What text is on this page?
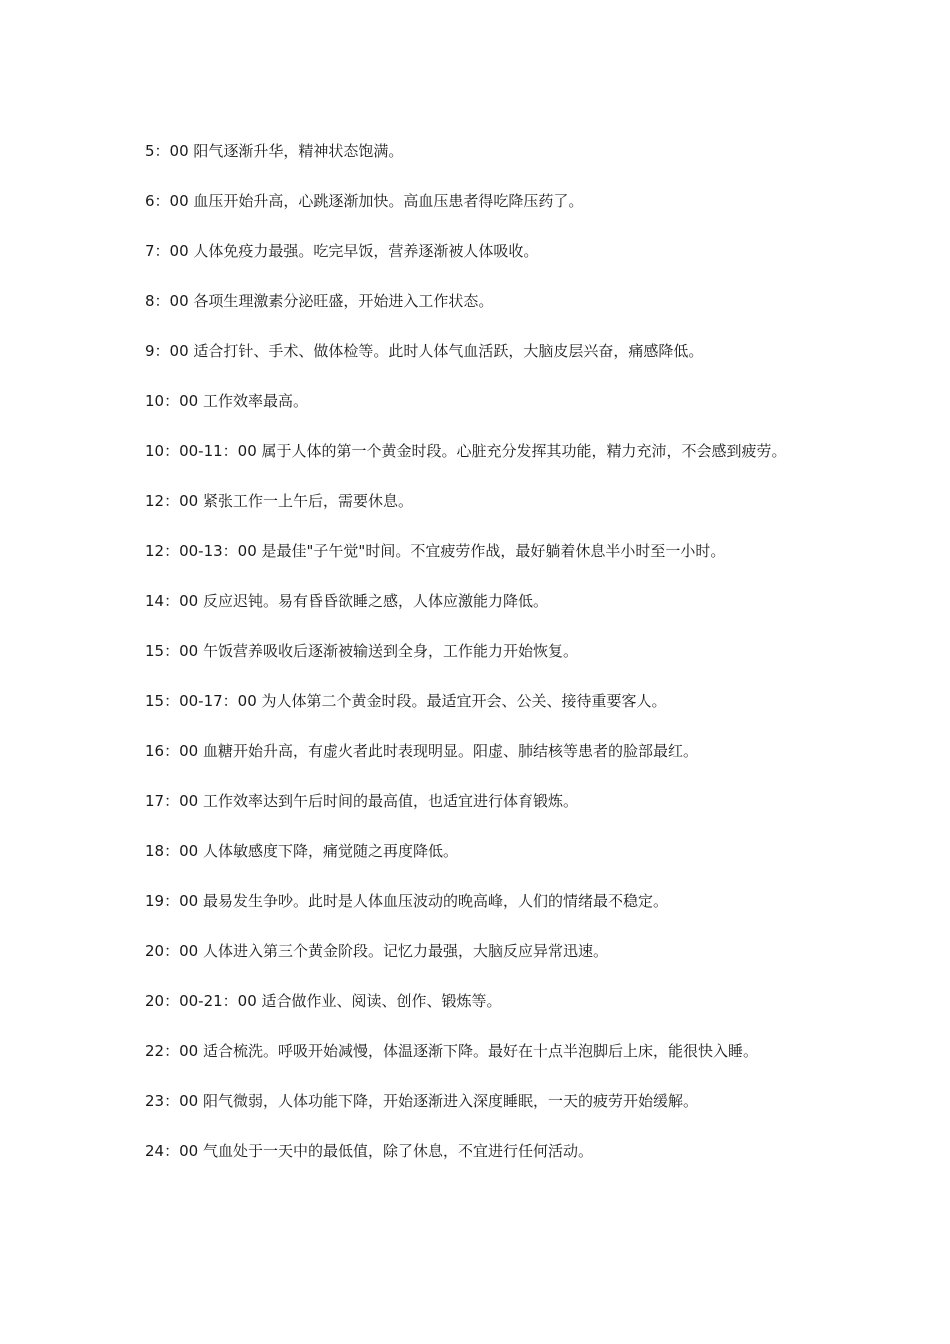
5：00 阳气逐渐升华，精神状态饱满。

6：00 血压开始升高，心跳逐渐加快。高血压患者得吃降压药了。

7：00 人体免疫力最强。吃完早饭，营养逐渐被人体吸收。

8：00 各项生理激素分泌旺盛，开始进入工作状态。

9：00 适合打针、手术、做体检等。此时人体气血活跃，大脑皮层兴奋，痛感降低。

10：00 工作效率最高。

10：00-11：00 属于人体的第一个黄金时段。心脏充分发挥其功能，精力充沛，不会感到疲劳。

12：00 紧张工作一上午后，需要休息。

12：00-13：00 是最佳"子午觉"时间。不宜疲劳作战，最好躺着休息半小时至一小时。

14：00 反应迟钝。易有昏昏欲睡之感，人体应激能力降低。

15：00 午饭营养吸收后逐渐被输送到全身，工作能力开始恢复。

15：00-17：00 为人体第二个黄金时段。最适宜开会、公关、接待重要客人。

16：00 血糖开始升高，有虚火者此时表现明显。阳虚、肺结核等患者的脸部最红。

17：00 工作效率达到午后时间的最高值，也适宜进行体育锻炼。

18：00 人体敏感度下降，痛觉随之再度降低。

19：00 最易发生争吵。此时是人体血压波动的晚高峰，人们的情绪最不稳定。

20：00 人体进入第三个黄金阶段。记忆力最强，大脑反应异常迅速。

20：00-21：00 适合做作业、阅读、创作、锻炼等。

22：00 适合梳洗。呼吸开始减慢，体温逐渐下降。最好在十点半泡脚后上床，能很快入睡。

23：00 阳气微弱，人体功能下降，开始逐渐进入深度睡眠，一天的疲劳开始缓解。

24：00 气血处于一天中的最低值，除了休息，不宜进行任何活动。
